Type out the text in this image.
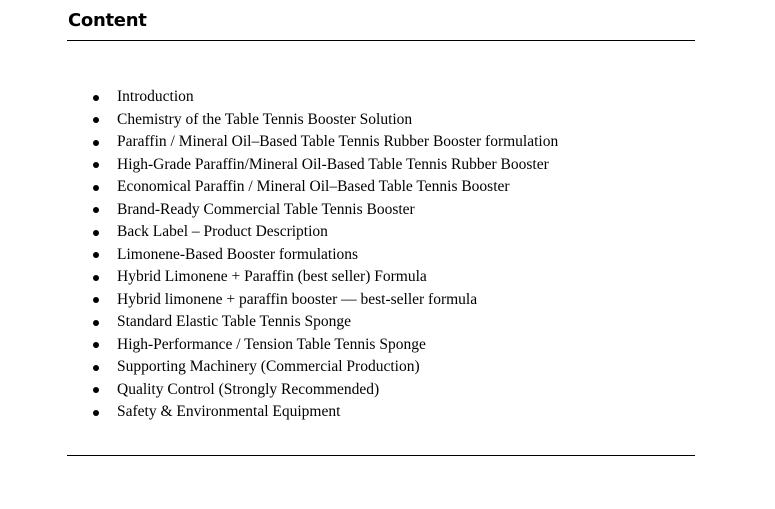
Content
Introduction
Chemistry of the Table Tennis Booster Solution
Paraffin / Mineral Oil–Based Table Tennis Rubber Booster formulation
High-Grade Paraffin/Mineral Oil-Based Table Tennis Rubber Booster
Economical Paraffin / Mineral Oil–Based Table Tennis Booster
Brand-Ready Commercial Table Tennis Booster
Back Label – Product Description
Limonene-Based Booster formulations
Hybrid Limonene + Paraffin (best seller) Formula
Hybrid limonene + paraffin booster — best-seller formula
Standard Elastic Table Tennis Sponge
High-Performance / Tension Table Tennis Sponge
Supporting Machinery (Commercial Production)
Quality Control (Strongly Recommended)
Safety & Environmental Equipment
